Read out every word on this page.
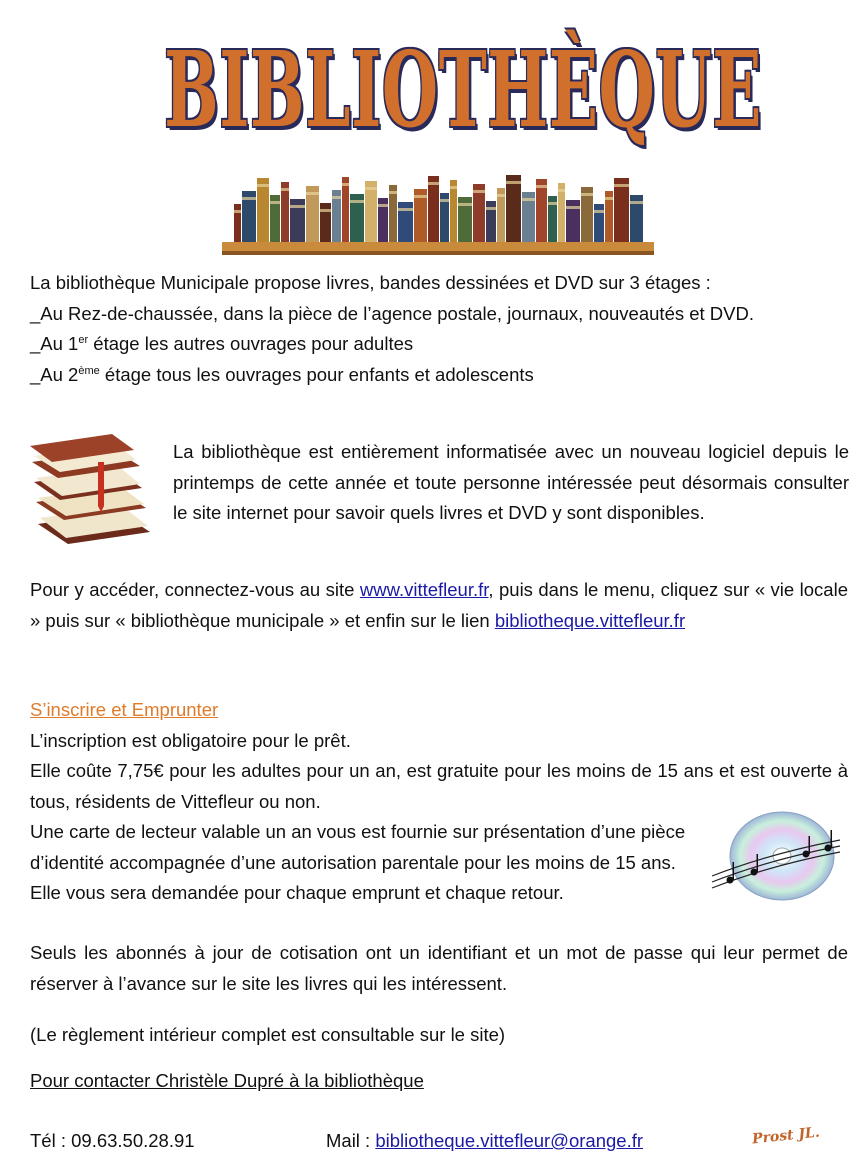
BIBLIOTHÈQUE
La bibliothèque Municipale propose livres, bandes dessinées et DVD sur 3 étages :
_Au Rez-de-chaussée, dans la pièce de l’agence postale, journaux, nouveautés et DVD.
_Au 1er étage les autres ouvrages pour adultes
_Au 2ème étage tous les ouvrages pour enfants et adolescents
La bibliothèque est entièrement informatisée avec un nouveau logiciel depuis le printemps de cette année et toute personne intéressée peut désormais consulter le site internet pour savoir quels livres et DVD y sont disponibles.
Pour y accéder, connectez-vous au site www.vittefleur.fr, puis dans le menu, cliquez sur « vie locale » puis sur « bibliothèque municipale » et enfin sur le lien bibliotheque.vittefleur.fr
S’inscrire et Emprunter
L’inscription est obligatoire pour le prêt.
Elle coûte 7,75€ pour les adultes pour un an, est gratuite pour les moins de 15 ans et est ouverte à tous, résidents de Vittefleur ou non.
Une carte de lecteur valable un an vous est fournie sur présentation d’une pièce d’identité accompagnée d’une autorisation parentale pour les moins de 15 ans. Elle vous sera demandée pour chaque emprunt et chaque retour.
Seuls les abonnés à jour de cotisation ont un identifiant et un mot de passe qui leur permet de réserver à l’avance sur le site les livres qui les intéressent.
(Le règlement intérieur complet est consultable sur le site)
Pour contacter Christèle Dupré à la bibliothèque
Tél : 09.63.50.28.91	Mail : bibliotheque.vittefleur@orange.fr	Prost JL.
